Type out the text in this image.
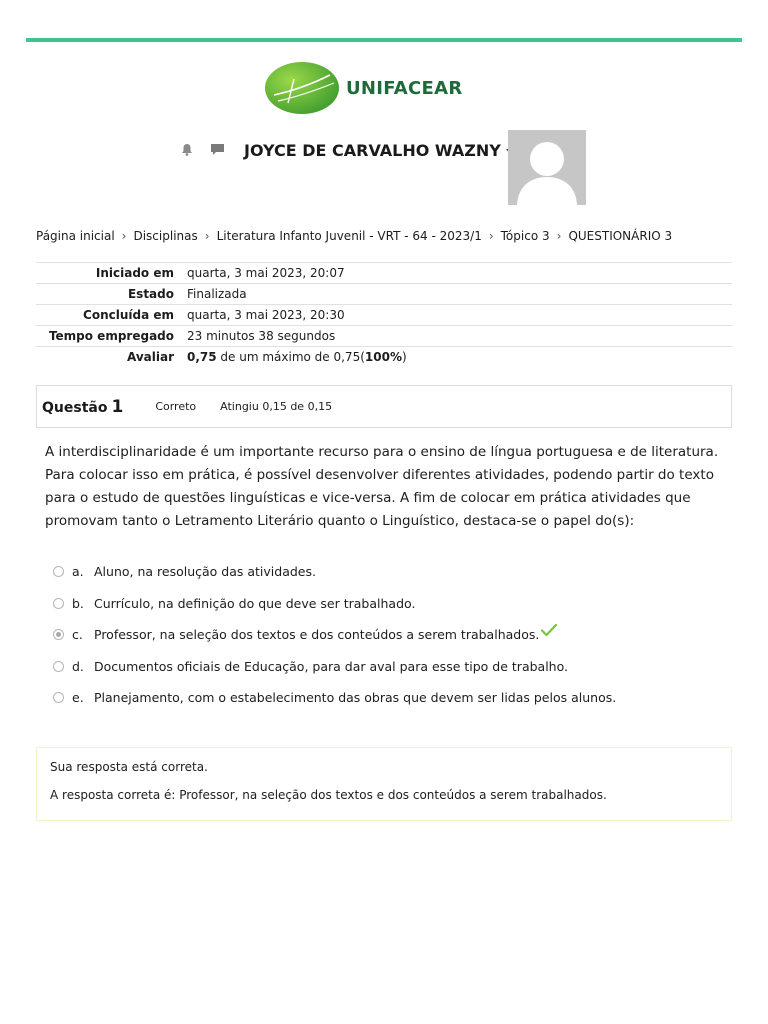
UNIFACEAR
JOYCE DE CARVALHO WAZNY
Página inicial › Disciplinas › Literatura Infanto Juvenil - VRT - 64 - 2023/1 › Tópico 3 › QUESTIONÁRIO 3
Iniciado em	quarta, 3 mai 2023, 20:07
Estado	Finalizada
Concluída em	quarta, 3 mai 2023, 20:30
Tempo empregado	23 minutos 38 segundos
Avaliar	0,75 de um máximo de 0,75(100%)
Questão 1	Correto Atingiu 0,15 de 0,15
A interdisciplinaridade é um importante recurso para o ensino de língua portuguesa e de literatura. Para colocar isso em prática, é possível desenvolver diferentes atividades, podendo partir do texto para o estudo de questões linguísticas e vice-versa. A fim de colocar em prática atividades que promovam tanto o Letramento Literário quanto o Linguístico, destaca-se o papel do(s):
a. Aluno, na resolução das atividades.
b. Currículo, na definição do que deve ser trabalhado.
c. Professor, na seleção dos textos e dos conteúdos a serem trabalhados.
d. Documentos oficiais de Educação, para dar aval para esse tipo de trabalho.
e. Planejamento, com o estabelecimento das obras que devem ser lidas pelos alunos.
Sua resposta está correta.
A resposta correta é: Professor, na seleção dos textos e dos conteúdos a serem trabalhados.
